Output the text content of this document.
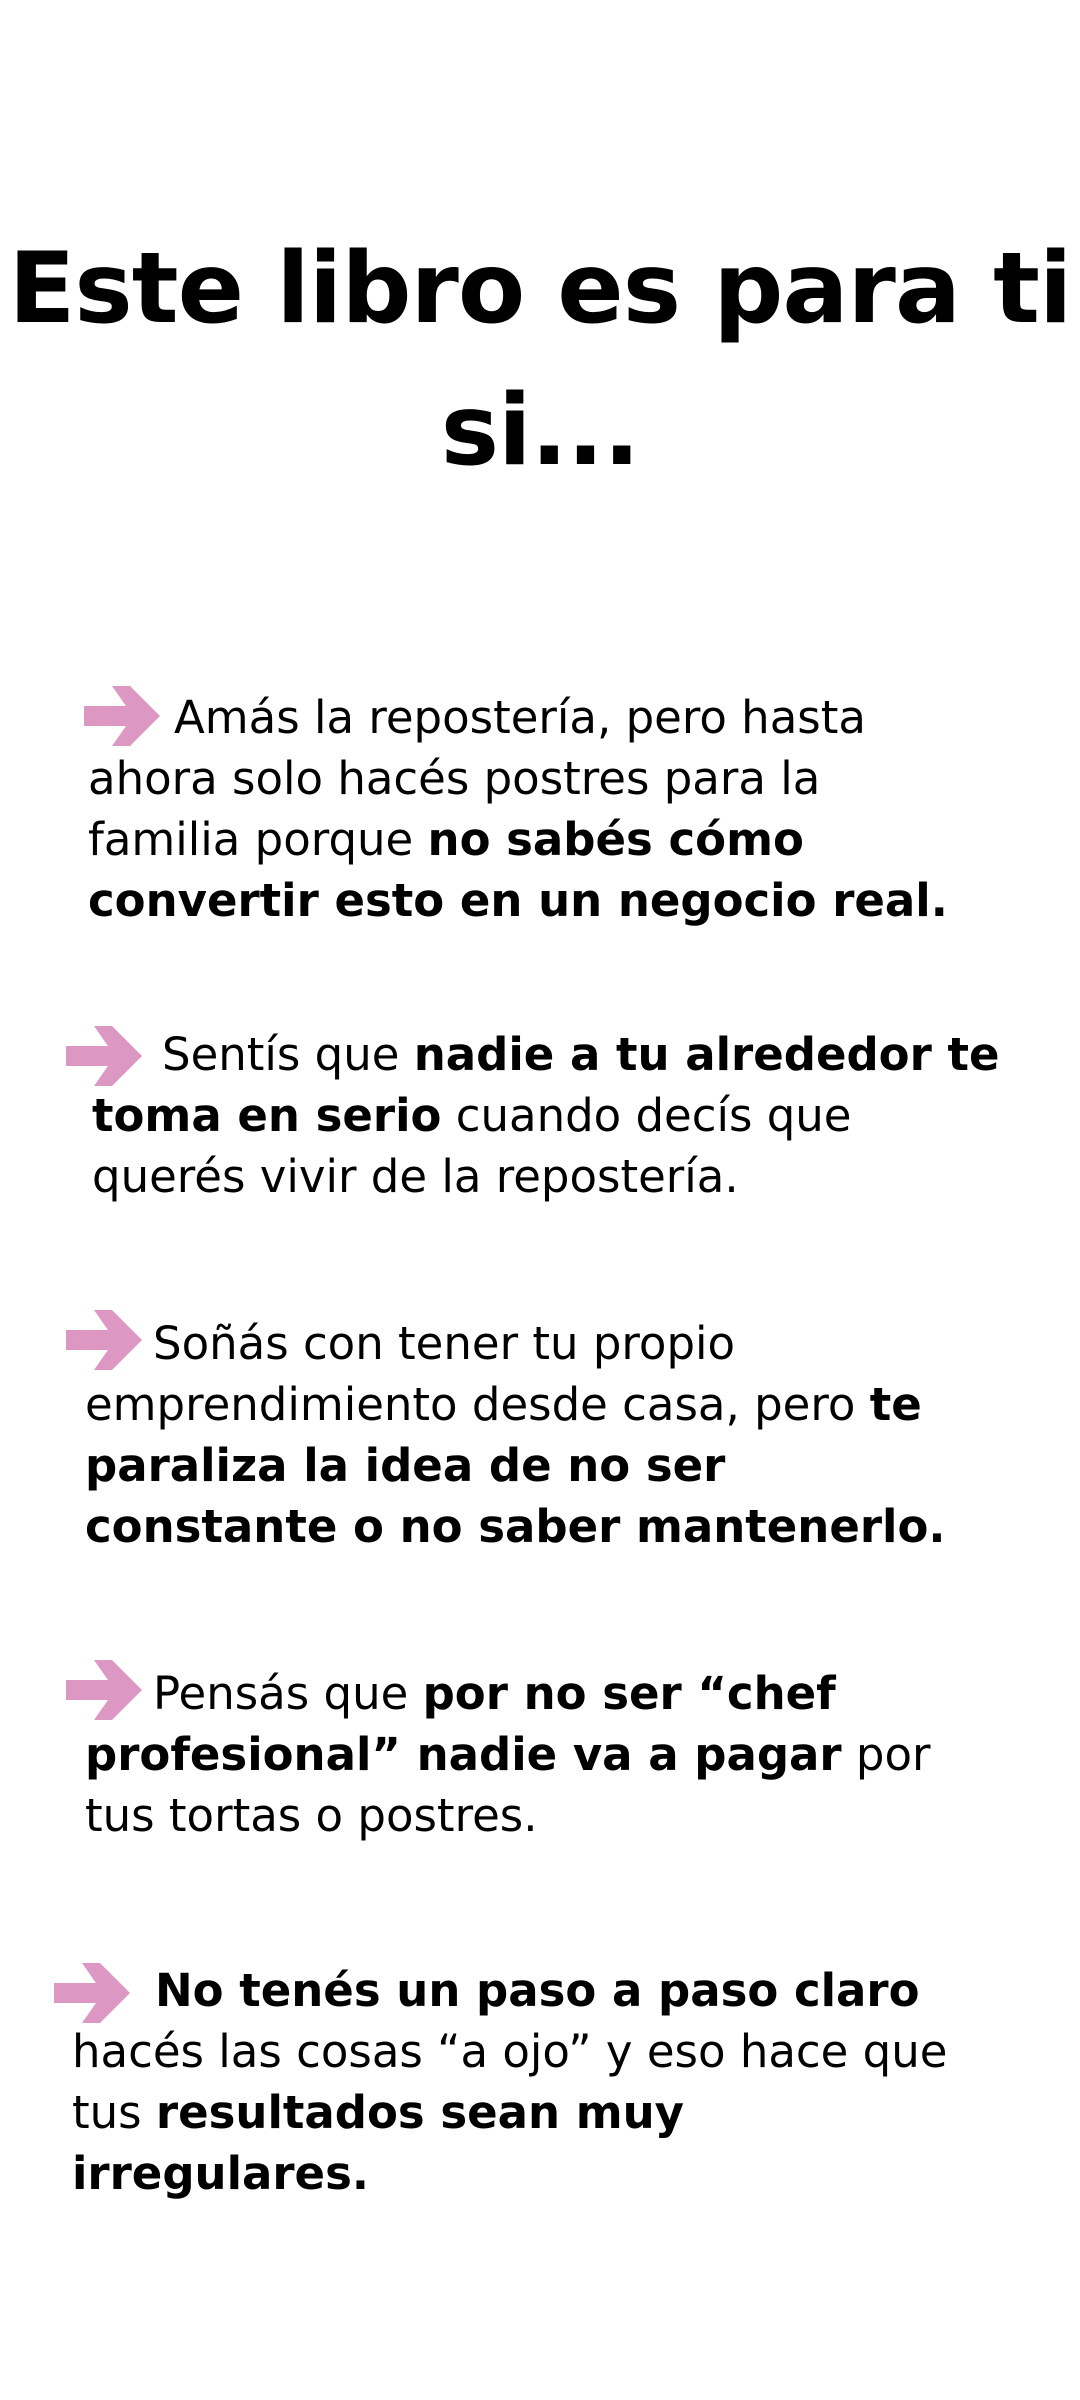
Este libro es para ti si...

Amás la repostería, pero hasta ahora solo hacés postres para la familia porque no sabés cómo convertir esto en un negocio real.

Sentís que nadie a tu alrededor te toma en serio cuando decís que querés vivir de la repostería.

Soñás con tener tu propio emprendimiento desde casa, pero te paraliza la idea de no ser constante o no saber mantenerlo.

Pensás que por no ser “chef profesional” nadie va a pagar por tus tortas o postres.

No tenés un paso a paso claro hacés las cosas “a ojo” y eso hace que tus resultados sean muy irregulares.
